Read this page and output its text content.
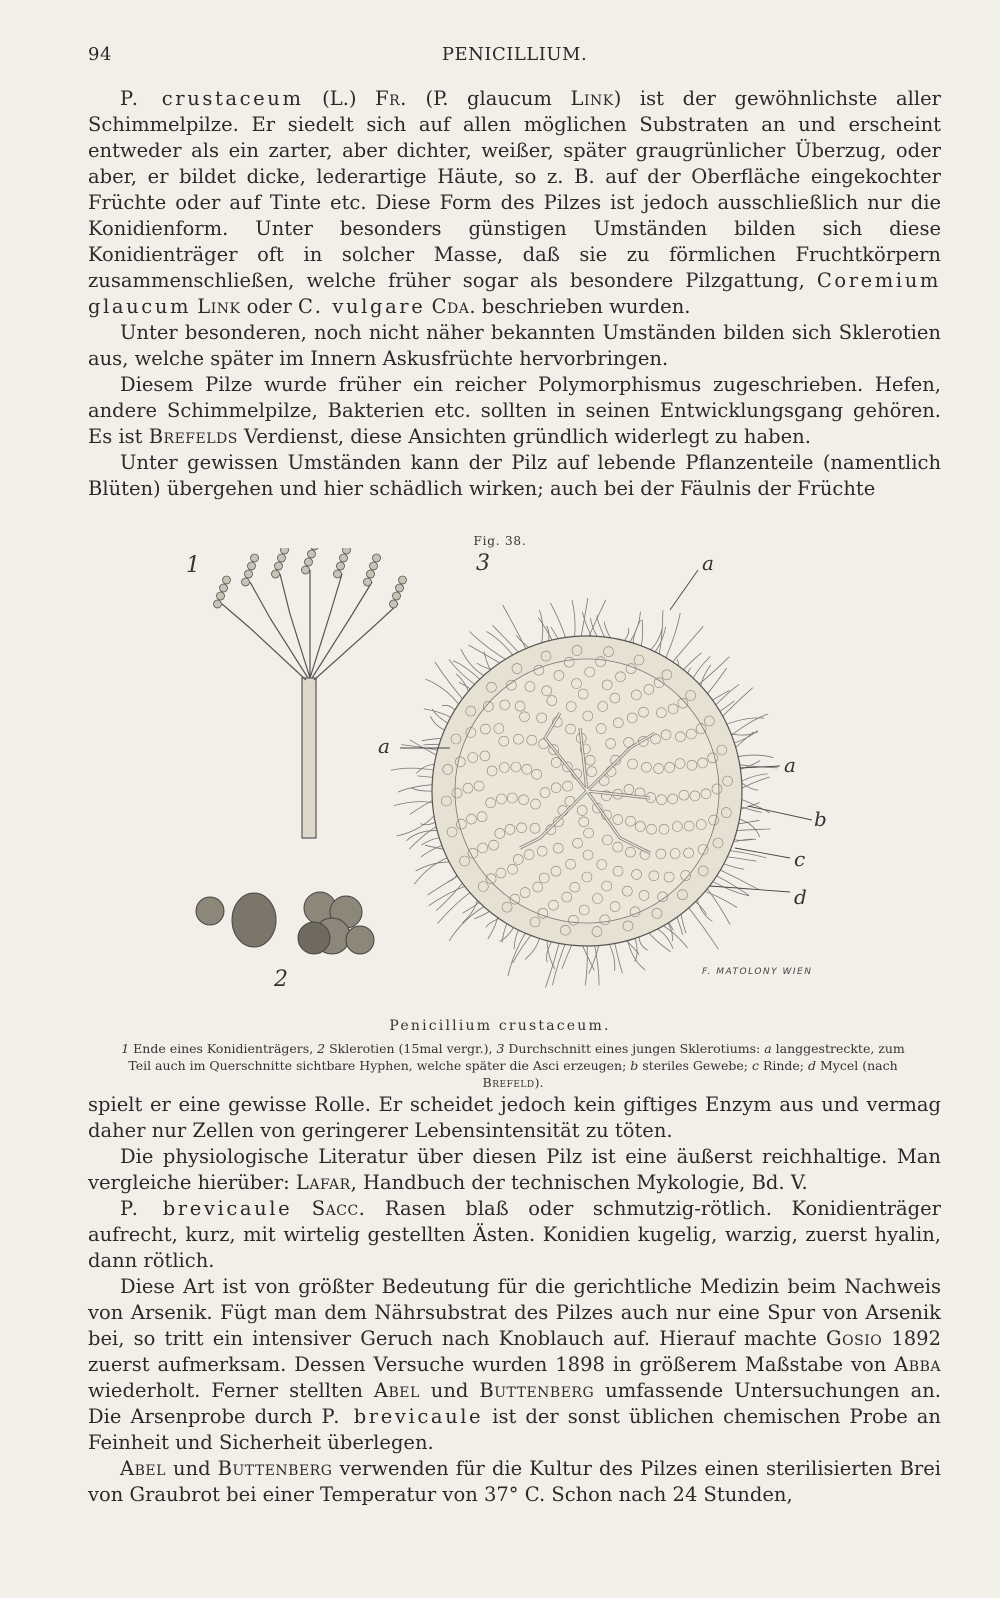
94	PENICILLIUM.

P. crustaceum (L.) Fr. (P. glaucum Link) ist der gewöhnlichste aller Schimmelpilze. Er siedelt sich auf allen möglichen Substraten an und erscheint entweder als ein zarter, aber dichter, weißer, später graugrünlicher Überzug, oder aber, er bildet dicke, lederartige Häute, so z. B. auf der Oberfläche eingekochter Früchte oder auf Tinte etc. Diese Form des Pilzes ist jedoch ausschließlich nur die Konidienform. Unter besonders günstigen Umständen bilden sich diese Konidienträger oft in solcher Masse, daß sie zu förmlichen Fruchtkörpern zusammenschließen, welche früher sogar als besondere Pilzgattung, Coremium glaucum Link oder C. vulgare Cda. beschrieben wurden.

Unter besonderen, noch nicht näher bekannten Umständen bilden sich Sklerotien aus, welche später im Innern Askusfrüchte hervorbringen.

Diesem Pilze wurde früher ein reicher Polymorphismus zugeschrieben. Hefen, andere Schimmelpilze, Bakterien etc. sollten in seinen Entwicklungsgang gehören. Es ist Brefelds Verdienst, diese Ansichten gründlich widerlegt zu haben.

Unter gewissen Umständen kann der Pilz auf lebende Pflanzenteile (namentlich Blüten) übergehen und hier schädlich wirken; auch bei der Fäulnis der Früchte

Fig. 38.
1
2
3	a
a
a
b
c
d
F. MATOLONY WIEN
Penicillium crustaceum.
1 Ende eines Konidienträgers, 2 Sklerotien (15mal vergr.), 3 Durchschnitt eines jungen Sklerotiums: a langgestreckte, zum Teil auch im Querschnitte sichtbare Hyphen, welche später die Asci erzeugen; b steriles Gewebe; c Rinde; d Mycel (nach Brefeld).

spielt er eine gewisse Rolle. Er scheidet jedoch kein giftiges Enzym aus und vermag daher nur Zellen von geringerer Lebensintensität zu töten.

Die physiologische Literatur über diesen Pilz ist eine äußerst reichhaltige. Man vergleiche hierüber: Lafar, Handbuch der technischen Mykologie, Bd. V.

P. brevicaule Sacc. Rasen blaß oder schmutzig-rötlich. Konidienträger aufrecht, kurz, mit wirtelig gestellten Ästen. Konidien kugelig, warzig, zuerst hyalin, dann rötlich.

Diese Art ist von größter Bedeutung für die gerichtliche Medizin beim Nachweis von Arsenik. Fügt man dem Nährsubstrat des Pilzes auch nur eine Spur von Arsenik bei, so tritt ein intensiver Geruch nach Knoblauch auf. Hierauf machte Gosio 1892 zuerst aufmerksam. Dessen Versuche wurden 1898 in größerem Maßstabe von Abba wiederholt. Ferner stellten Abel und Buttenberg umfassende Untersuchungen an. Die Arsenprobe durch P. brevicaule ist der sonst üblichen chemischen Probe an Feinheit und Sicherheit überlegen.

Abel und Buttenberg verwenden für die Kultur des Pilzes einen sterilisierten Brei von Graubrot bei einer Temperatur von 37° C. Schon nach 24 Stunden,
